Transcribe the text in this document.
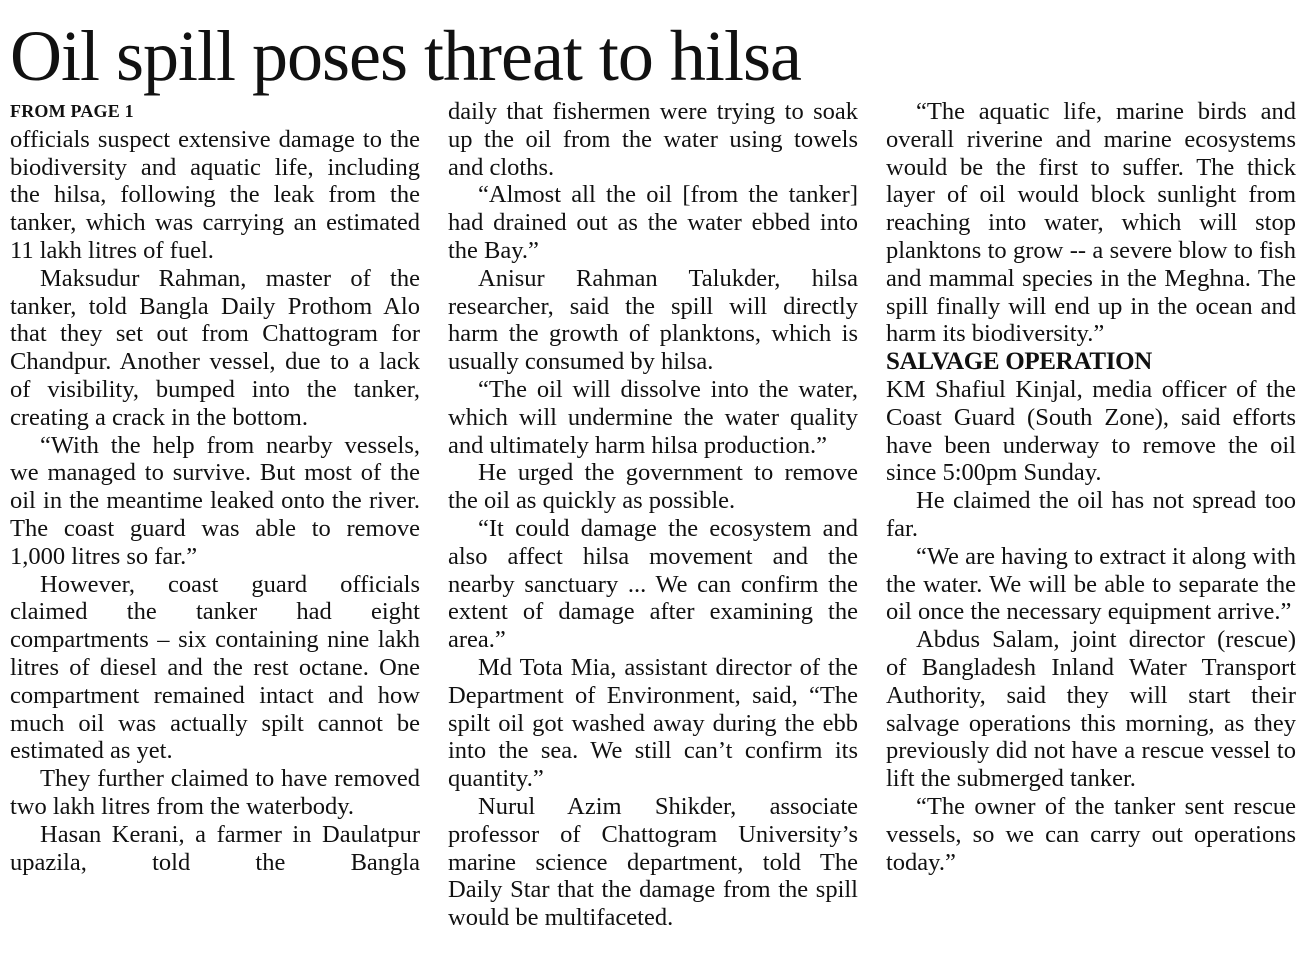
Oil spill poses threat to hilsa
FROM PAGE 1

officials suspect extensive damage to the biodiversity and aquatic life, including the hilsa, following the leak from the tanker, which was carrying an estimated 11 lakh litres of fuel.

Maksudur Rahman, master of the tanker, told Bangla Daily Prothom Alo that they set out from Chattogram for Chandpur. Another vessel, due to a lack of visibility, bumped into the tanker, creating a crack in the bottom.

“With the help from nearby vessels, we managed to survive. But most of the oil in the meantime leaked onto the river. The coast guard was able to remove 1,000 litres so far.”

However, coast guard officials claimed the tanker had eight compartments – six containing nine lakh litres of diesel and the rest octane. One compartment remained intact and how much oil was actually spilt cannot be estimated as yet.

They further claimed to have removed two lakh litres from the waterbody.

Hasan Kerani, a farmer in Daulatpur upazila, told the Bangla

daily that fishermen were trying to soak up the oil from the water using towels and cloths.

“Almost all the oil [from the tanker] had drained out as the water ebbed into the Bay.”

Anisur Rahman Talukder, hilsa researcher, said the spill will directly harm the growth of planktons, which is usually consumed by hilsa.

“The oil will dissolve into the water, which will undermine the water quality and ultimately harm hilsa production.”

He urged the government to remove the oil as quickly as possible.

“It could damage the ecosystem and also affect hilsa movement and the nearby sanctuary ... We can confirm the extent of damage after examining the area.”

Md Tota Mia, assistant director of the Department of Environment, said, “The spilt oil got washed away during the ebb into the sea. We still can’t confirm its quantity.”

Nurul Azim Shikder, associate professor of Chattogram University’s marine science department, told The Daily Star that the damage from the spill would be multifaceted.

“The aquatic life, marine birds and overall riverine and marine ecosystems would be the first to suffer. The thick layer of oil would block sunlight from reaching into water, which will stop planktons to grow -- a severe blow to fish and mammal species in the Meghna. The spill finally will end up in the ocean and harm its biodiversity.”

SALVAGE OPERATION

KM Shafiul Kinjal, media officer of the Coast Guard (South Zone), said efforts have been underway to remove the oil since 5:00pm Sunday.

He claimed the oil has not spread too far.

“We are having to extract it along with the water. We will be able to separate the oil once the necessary equipment arrive.”

Abdus Salam, joint director (rescue) of Bangladesh Inland Water Transport Authority, said they will start their salvage operations this morning, as they previously did not have a rescue vessel to lift the submerged tanker.

“The owner of the tanker sent rescue vessels, so we can carry out operations today.”
